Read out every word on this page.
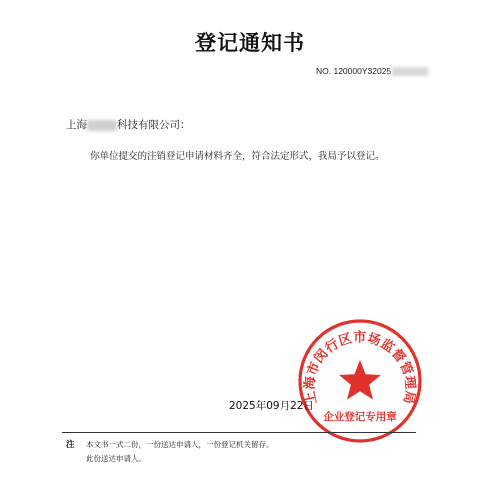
登记通知书
NO. 120000Y32025
上海	科技有限公司：
你单位提交的注销登记申请材料齐全，符合法定形式，我局予以登记。
上海市闵行区市场监督管理局
企业登记专用章
2025年09月22日
注 本文书一式二份，一份送达申请人，一份登记机关留存。
此份送达申请人。
